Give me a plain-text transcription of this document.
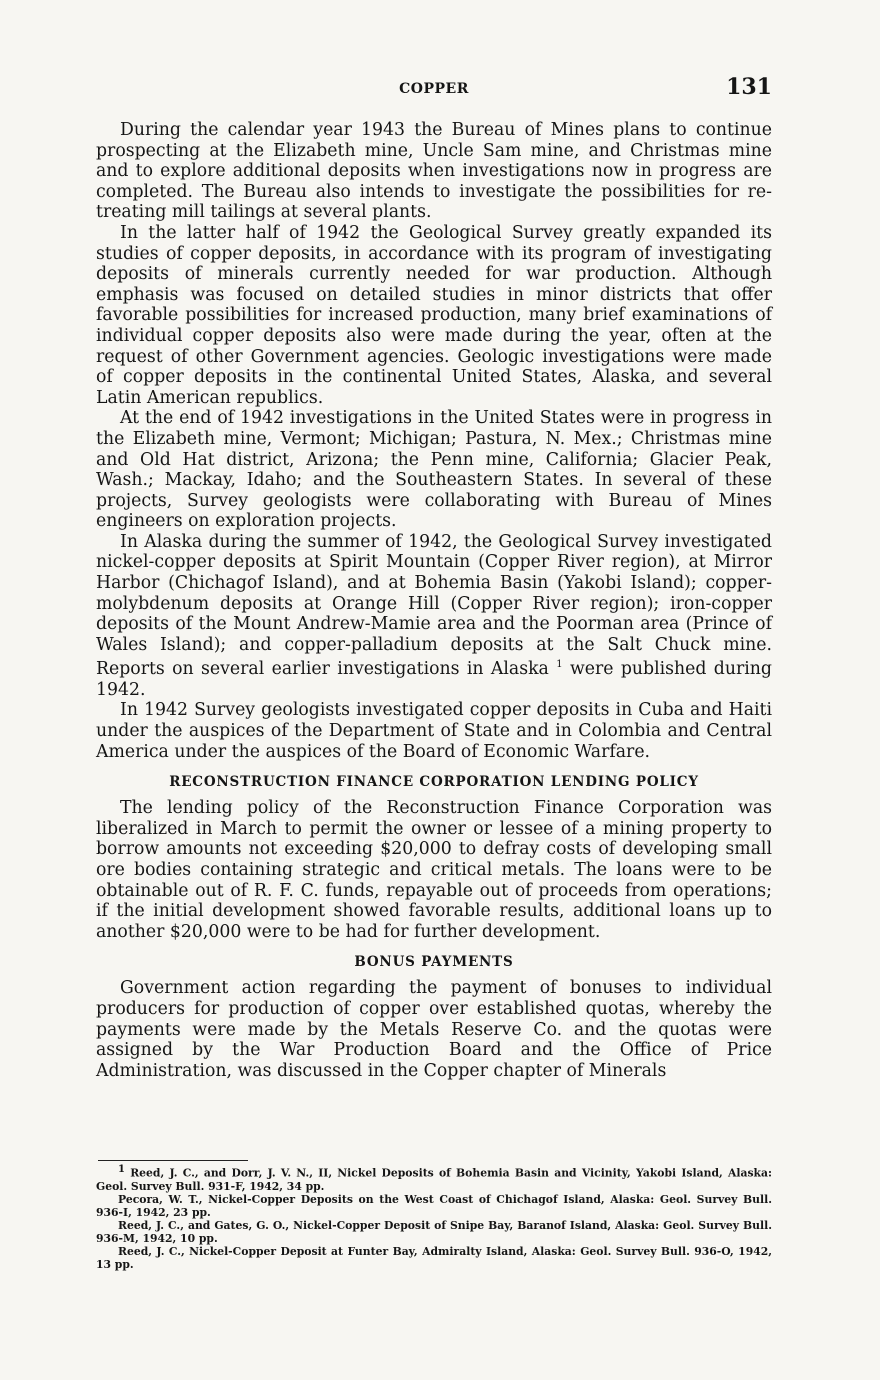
COPPER	131

During the calendar year 1943 the Bureau of Mines plans to continue prospecting at the Elizabeth mine, Uncle Sam mine, and Christmas mine and to explore additional deposits when investigations now in progress are completed. The Bureau also intends to investigate the possibilities for re-treating mill tailings at several plants.

In the latter half of 1942 the Geological Survey greatly expanded its studies of copper deposits, in accordance with its program of investigating deposits of minerals currently needed for war production. Although emphasis was focused on detailed studies in minor districts that offer favorable possibilities for increased production, many brief examinations of individual copper deposits also were made during the year, often at the request of other Government agencies. Geologic investigations were made of copper deposits in the continental United States, Alaska, and several Latin American republics.

At the end of 1942 investigations in the United States were in progress in the Elizabeth mine, Vermont; Michigan; Pastura, N. Mex.; Christmas mine and Old Hat district, Arizona; the Penn mine, California; Glacier Peak, Wash.; Mackay, Idaho; and the Southeastern States. In several of these projects, Survey geologists were collaborating with Bureau of Mines engineers on exploration projects.

In Alaska during the summer of 1942, the Geological Survey investigated nickel-copper deposits at Spirit Mountain (Copper River region), at Mirror Harbor (Chichagof Island), and at Bohemia Basin (Yakobi Island); copper-molybdenum deposits at Orange Hill (Copper River region); iron-copper deposits of the Mount Andrew-Mamie area and the Poorman area (Prince of Wales Island); and copper-palladium deposits at the Salt Chuck mine. Reports on several earlier investigations in Alaska $^1$ were published during 1942.

In 1942 Survey geologists investigated copper deposits in Cuba and Haiti under the auspices of the Department of State and in Colombia and Central America under the auspices of the Board of Economic Warfare.

RECONSTRUCTION FINANCE CORPORATION LENDING POLICY

The lending policy of the Reconstruction Finance Corporation was liberalized in March to permit the owner or lessee of a mining property to borrow amounts not exceeding $20,000 to defray costs of developing small ore bodies containing strategic and critical metals. The loans were to be obtainable out of R. F. C. funds, repayable out of proceeds from operations; if the initial development showed favorable results, additional loans up to another $20,000 were to be had for further development.

BONUS PAYMENTS

Government action regarding the payment of bonuses to individual producers for production of copper over established quotas, whereby the payments were made by the Metals Reserve Co. and the quotas were assigned by the War Production Board and the Office of Price Administration, was discussed in the Copper chapter of Minerals

$^1$ Reed, J. C., and Dorr, J. V. N., II, Nickel Deposits of Bohemia Basin and Vicinity, Yakobi Island, Alaska: Geol. Survey Bull. 931-F, 1942, 34 pp.

Pecora, W. T., Nickel-Copper Deposits on the West Coast of Chichagof Island, Alaska: Geol. Survey Bull. 936-I, 1942, 23 pp.

Reed, J. C., and Gates, G. O., Nickel-Copper Deposit of Snipe Bay, Baranof Island, Alaska: Geol. Survey Bull. 936-M, 1942, 10 pp.

Reed, J. C., Nickel-Copper Deposit at Funter Bay, Admiralty Island, Alaska: Geol. Survey Bull. 936-O, 1942, 13 pp.
